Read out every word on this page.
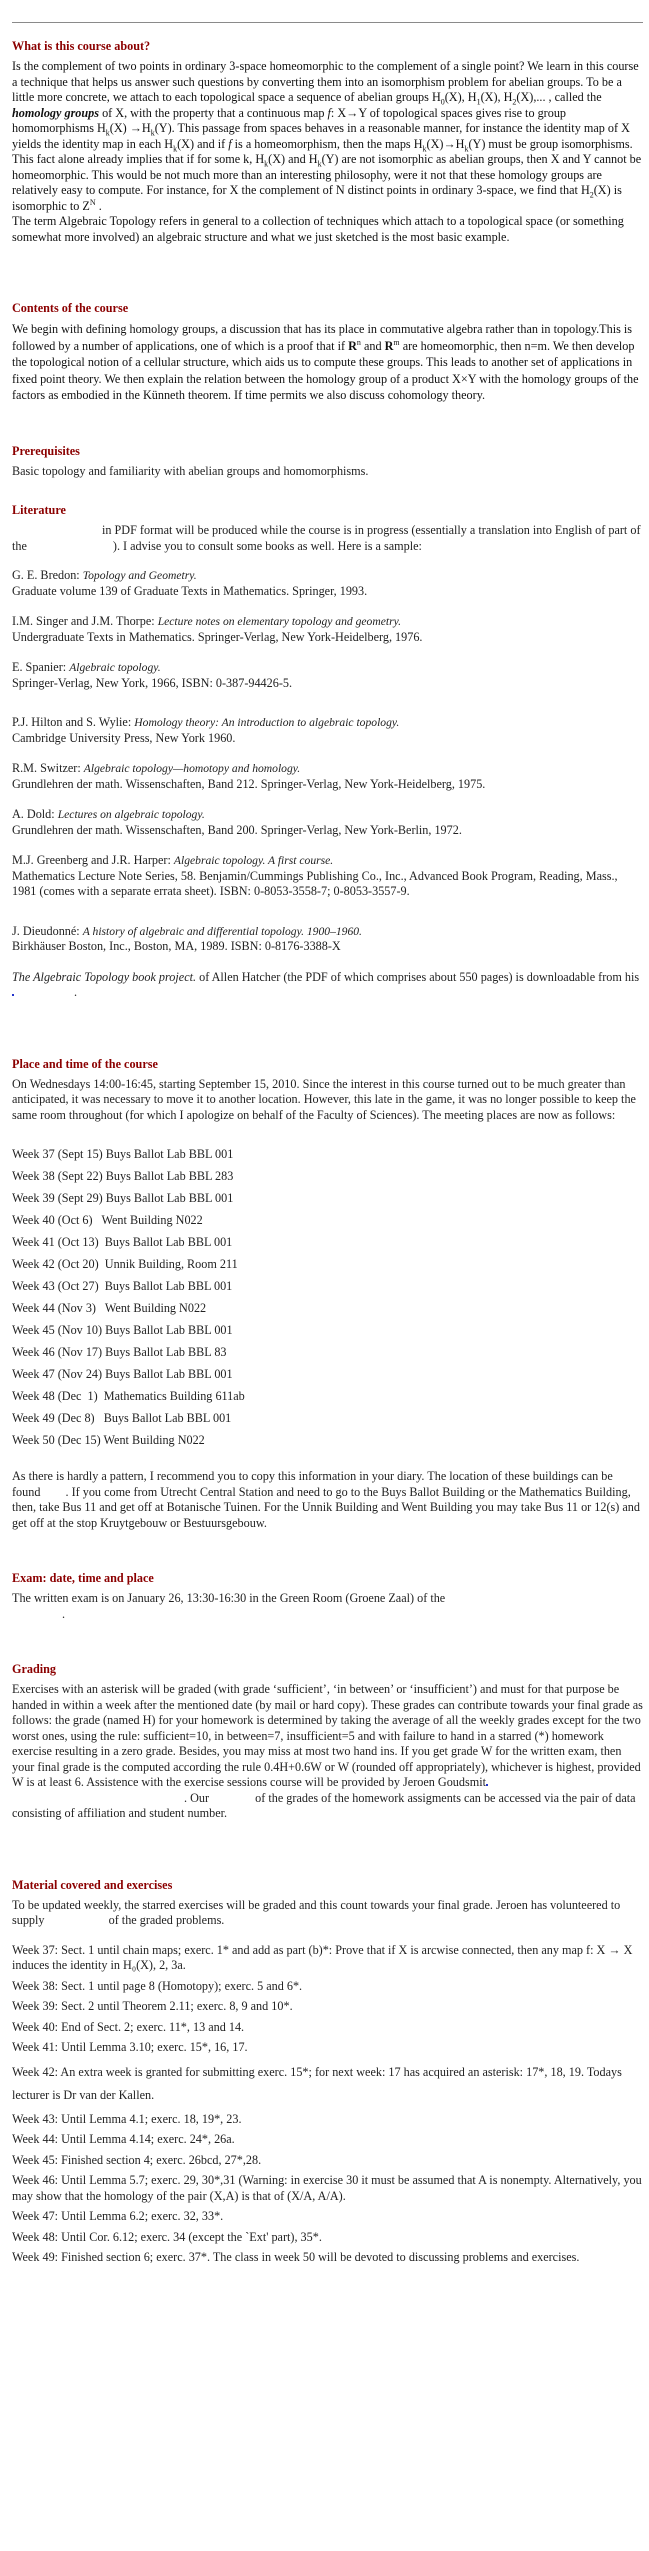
What is this course about?

Is the complement of two points in ordinary 3-space homeomorphic to the complement of a single point? We learn in this course a technique that helps us answer such questions by converting them into an isomorphism problem for abelian groups. To be a little more concrete, we attach to each topological space a sequence of abelian groups $H_0(X)$, $H_1(X)$, $H_2(X)$,... , called the homology groups of X, with the property that a continuous map f: X→Y of topological spaces gives rise to group homomorphisms $H_k(X) \to H_k(Y)$. This passage from spaces behaves in a reasonable manner, for instance the identity map of X yields the identity map in each $H_k(X)$ and if f is a homeomorphism, then the maps $H_k(X)\to H_k(Y)$ must be group isomorphisms. This fact alone already implies that if for some k, $H_k(X)$ and $H_k(Y)$ are not isomorphic as abelian groups, then X and Y cannot be homeomorphic. This would be not much more than an interesting philosophy, were it not that these homology groups are relatively easy to compute. For instance, for X the complement of N distinct points in ordinary 3-space, we find that $H_2(X)$ is isomorphic to $Z^N$ .

The term Algebraic Topology refers in general to a collection of techniques which attach to a topological space (or something somewhat more involved) an algebraic structure and what we just sketched is the most basic example.

Contents of the course

We begin with defining homology groups, a discussion that has its place in commutative algebra rather than in topology.This is followed by a number of applications, one of which is a proof that if $R^n$ and $R^m$ are homeomorphic, then n=m. We then develop the topological notion of a cellular structure, which aids us to compute these groups. This leads to another set of applications in fixed point theory. We then explain the relation between the homology group of a product X×Y with the homology groups of the factors as embodied in the Künneth theorem. If time permits we also discuss cohomology theory.

Prerequisites

Basic topology and familiarity with abelian groups and homomorphisms.

Literature

in PDF format will be produced while the course is in progress (essentially a translation into English of part of the	). I advise you to consult some books as well. Here is a sample:

G. E. Bredon: Topology and Geometry.
Graduate volume 139 of Graduate Texts in Mathematics. Springer, 1993.
I.M. Singer and J.M. Thorpe: Lecture notes on elementary topology and geometry.
Undergraduate Texts in Mathematics. Springer-Verlag, New York-Heidelberg, 1976.
E. Spanier: Algebraic topology.
Springer-Verlag, New York, 1966, ISBN: 0-387-94426-5.
P.J. Hilton and S. Wylie: Homology theory: An introduction to algebraic topology.
Cambridge University Press, New York 1960.
R.M. Switzer: Algebraic topology—homotopy and homology.
Grundlehren der math. Wissenschaften, Band 212. Springer-Verlag, New York-Heidelberg, 1975.
A. Dold: Lectures on algebraic topology.
Grundlehren der math. Wissenschaften, Band 200. Springer-Verlag, New York-Berlin, 1972.
M.J. Greenberg and J.R. Harper: Algebraic topology. A first course.
Mathematics Lecture Note Series, 58. Benjamin/Cummings Publishing Co., Inc., Advanced Book Program, Reading, Mass., 1981 (comes with a separate errata sheet). ISBN: 0-8053-3558-7; 0-8053-3557-9.
J. Dieudonné: A history of algebraic and differential topology. 1900–1960.
Birkhäuser Boston, Inc., Boston, MA, 1989. ISBN: 0-8176-3388-X

The Algebraic Topology book project. of Allen Hatcher (the PDF of which comprises about 550 pages) is downloadable from his .

Place and time of the course

On Wednesdays 14:00-16:45, starting September 15, 2010. Since the interest in this course turned out to be much greater than anticipated, it was necessary to move it to another location. However, this late in the game, it was no longer possible to keep the same room throughout (for which I apologize on behalf of the Faculty of Sciences). The meeting places are now as follows:

Week 37 (Sept 15) Buys Ballot Lab BBL 001
Week 38 (Sept 22) Buys Ballot Lab BBL 283
Week 39 (Sept 29) Buys Ballot Lab BBL 001
Week 40 (Oct 6)   Went Building N022
Week 41 (Oct 13)  Buys Ballot Lab BBL 001
Week 42 (Oct 20)  Unnik Building, Room 211
Week 43 (Oct 27)  Buys Ballot Lab BBL 001
Week 44 (Nov 3)   Went Building N022
Week 45 (Nov 10) Buys Ballot Lab BBL 001
Week 46 (Nov 17) Buys Ballot Lab BBL 83
Week 47 (Nov 24) Buys Ballot Lab BBL 001
Week 48 (Dec  1)  Mathematics Building 611ab
Week 49 (Dec 8)   Buys Ballot Lab BBL 001
Week 50 (Dec 15) Went Building N022

As there is hardly a pattern, I recommend you to copy this information in your diary. The location of these buildings can be found . If you come from Utrecht Central Station and need to go to the Buys Ballot Building or the Mathematics Building, then, take Bus 11 and get off at Botanische Tuinen. For the Unnik Building and Went Building you may take Bus 11 or 12(s) and get off at the stop Kruytgebouw or Bestuursgebouw.

Exam: date, time and place

The written exam is on January 26, 13:30-16:30 in the Green Room (Groene Zaal) of the
.

Grading

Exercises with an asterisk will be graded (with grade ‘sufficient’, ‘in between’ or ‘insufficient’) and must for that purpose be handed in within a week after the mentioned date (by mail or hard copy). These grades can contribute towards your final grade as follows: the grade (named H) for your homework is determined by taking the average of all the weekly grades except for the two worst ones, using the rule: sufficient=10, in between=7, insufficient=5 and with failure to hand in a starred (*) homework exercise resulting in a zero grade. Besides, you may miss at most two hand ins. If you get grade W for the written exam, then your final grade is the computed according the rule 0.4H+0.6W or W (rounded off appropriately), whichever is highest, provided W is at least 6. Assistence with the exercise sessions course will be provided by Jeroen Goudsmit. Our	of the grades of the homework assigments can be accessed via the pair of data consisting of affiliation and student number.

Material covered and exercises

To be updated weekly, the starred exercises will be graded and this count towards your final grade. Jeroen has volunteered to supply	of the graded problems.

Week 37: Sect. 1 until chain maps; exerc. 1* and add as part (b)*: Prove that if X is arcwise connected, then any map f: X → X induces the identity in H₀(X), 2, 3a.
Week 38: Sect. 1 until page 8 (Homotopy); exerc. 5 and 6*.
Week 39: Sect. 2 until Theorem 2.11; exerc. 8, 9 and 10*.
Week 40: End of Sect. 2; exerc. 11*, 13 and 14.
Week 41: Until Lemma 3.10; exerc. 15*, 16, 17.
Week 42: An extra week is granted for submitting exerc. 15*; for next week: 17 has acquired an asterisk: 17*, 18, 19. Todays lecturer is Dr van der Kallen.
Week 43: Until Lemma 4.1; exerc. 18, 19*, 23.
Week 44: Until Lemma 4.14; exerc. 24*, 26a.
Week 45: Finished section 4; exerc. 26bcd, 27*,28.
Week 46: Until Lemma 5.7; exerc. 29, 30*,31 (Warning: in exercise 30 it must be assumed that A is nonempty. Alternatively, you may show that the homology of the pair (X,A) is that of (X/A, A/A).
Week 47: Until Lemma 6.2; exerc. 32, 33*.
Week 48: Until Cor. 6.12; exerc. 34 (except the `Ext' part), 35*.
Week 49: Finished section 6; exerc. 37*. The class in week 50 will be devoted to discussing problems and exercises.
